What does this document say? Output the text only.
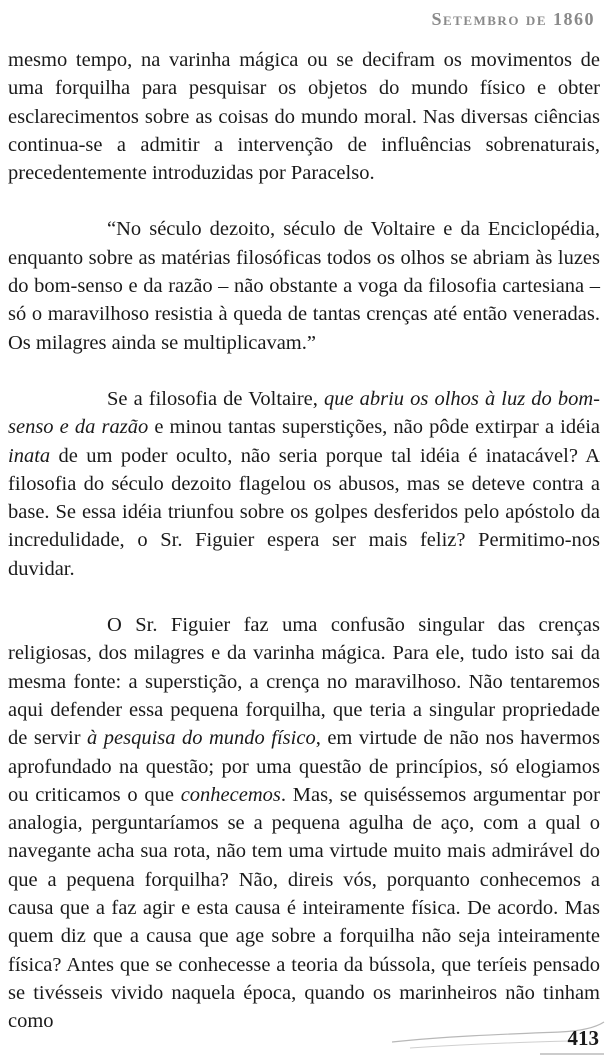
Setembro de 1860

mesmo tempo, na varinha mágica ou se decifram os movimentos de uma forquilha para pesquisar os objetos do mundo físico e obter esclarecimentos sobre as coisas do mundo moral. Nas diversas ciências continua-se a admitir a intervenção de influências sobrenaturais, precedentemente introduzidas por Paracelso.

“No século dezoito, século de Voltaire e da Enciclopédia, enquanto sobre as matérias filosóficas todos os olhos se abriam às luzes do bom-senso e da razão – não obstante a voga da filosofia cartesiana – só o maravilhoso resistia à queda de tantas crenças até então veneradas. Os milagres ainda se multiplicavam.”

Se a filosofia de Voltaire, que abriu os olhos à luz do bom-senso e da razão e minou tantas superstições, não pôde extirpar a idéia inata de um poder oculto, não seria porque tal idéia é inatacável? A filosofia do século dezoito flagelou os abusos, mas se deteve contra a base. Se essa idéia triunfou sobre os golpes desferidos pelo apóstolo da incredulidade, o Sr. Figuier espera ser mais feliz? Permitimo-nos duvidar.

O Sr. Figuier faz uma confusão singular das crenças religiosas, dos milagres e da varinha mágica. Para ele, tudo isto sai da mesma fonte: a superstição, a crença no maravilhoso. Não tentaremos aqui defender essa pequena forquilha, que teria a singular propriedade de servir à pesquisa do mundo físico, em virtude de não nos havermos aprofundado na questão; por uma questão de princípios, só elogiamos ou criticamos o que conhecemos. Mas, se quiséssemos argumentar por analogia, perguntaríamos se a pequena agulha de aço, com a qual o navegante acha sua rota, não tem uma virtude muito mais admirável do que a pequena forquilha? Não, direis vós, porquanto conhecemos a causa que a faz agir e esta causa é inteiramente física. De acordo. Mas quem diz que a causa que age sobre a forquilha não seja inteiramente física? Antes que se conhecesse a teoria da bússola, que teríeis pensado se tivésseis vivido naquela época, quando os marinheiros não tinham como

413
